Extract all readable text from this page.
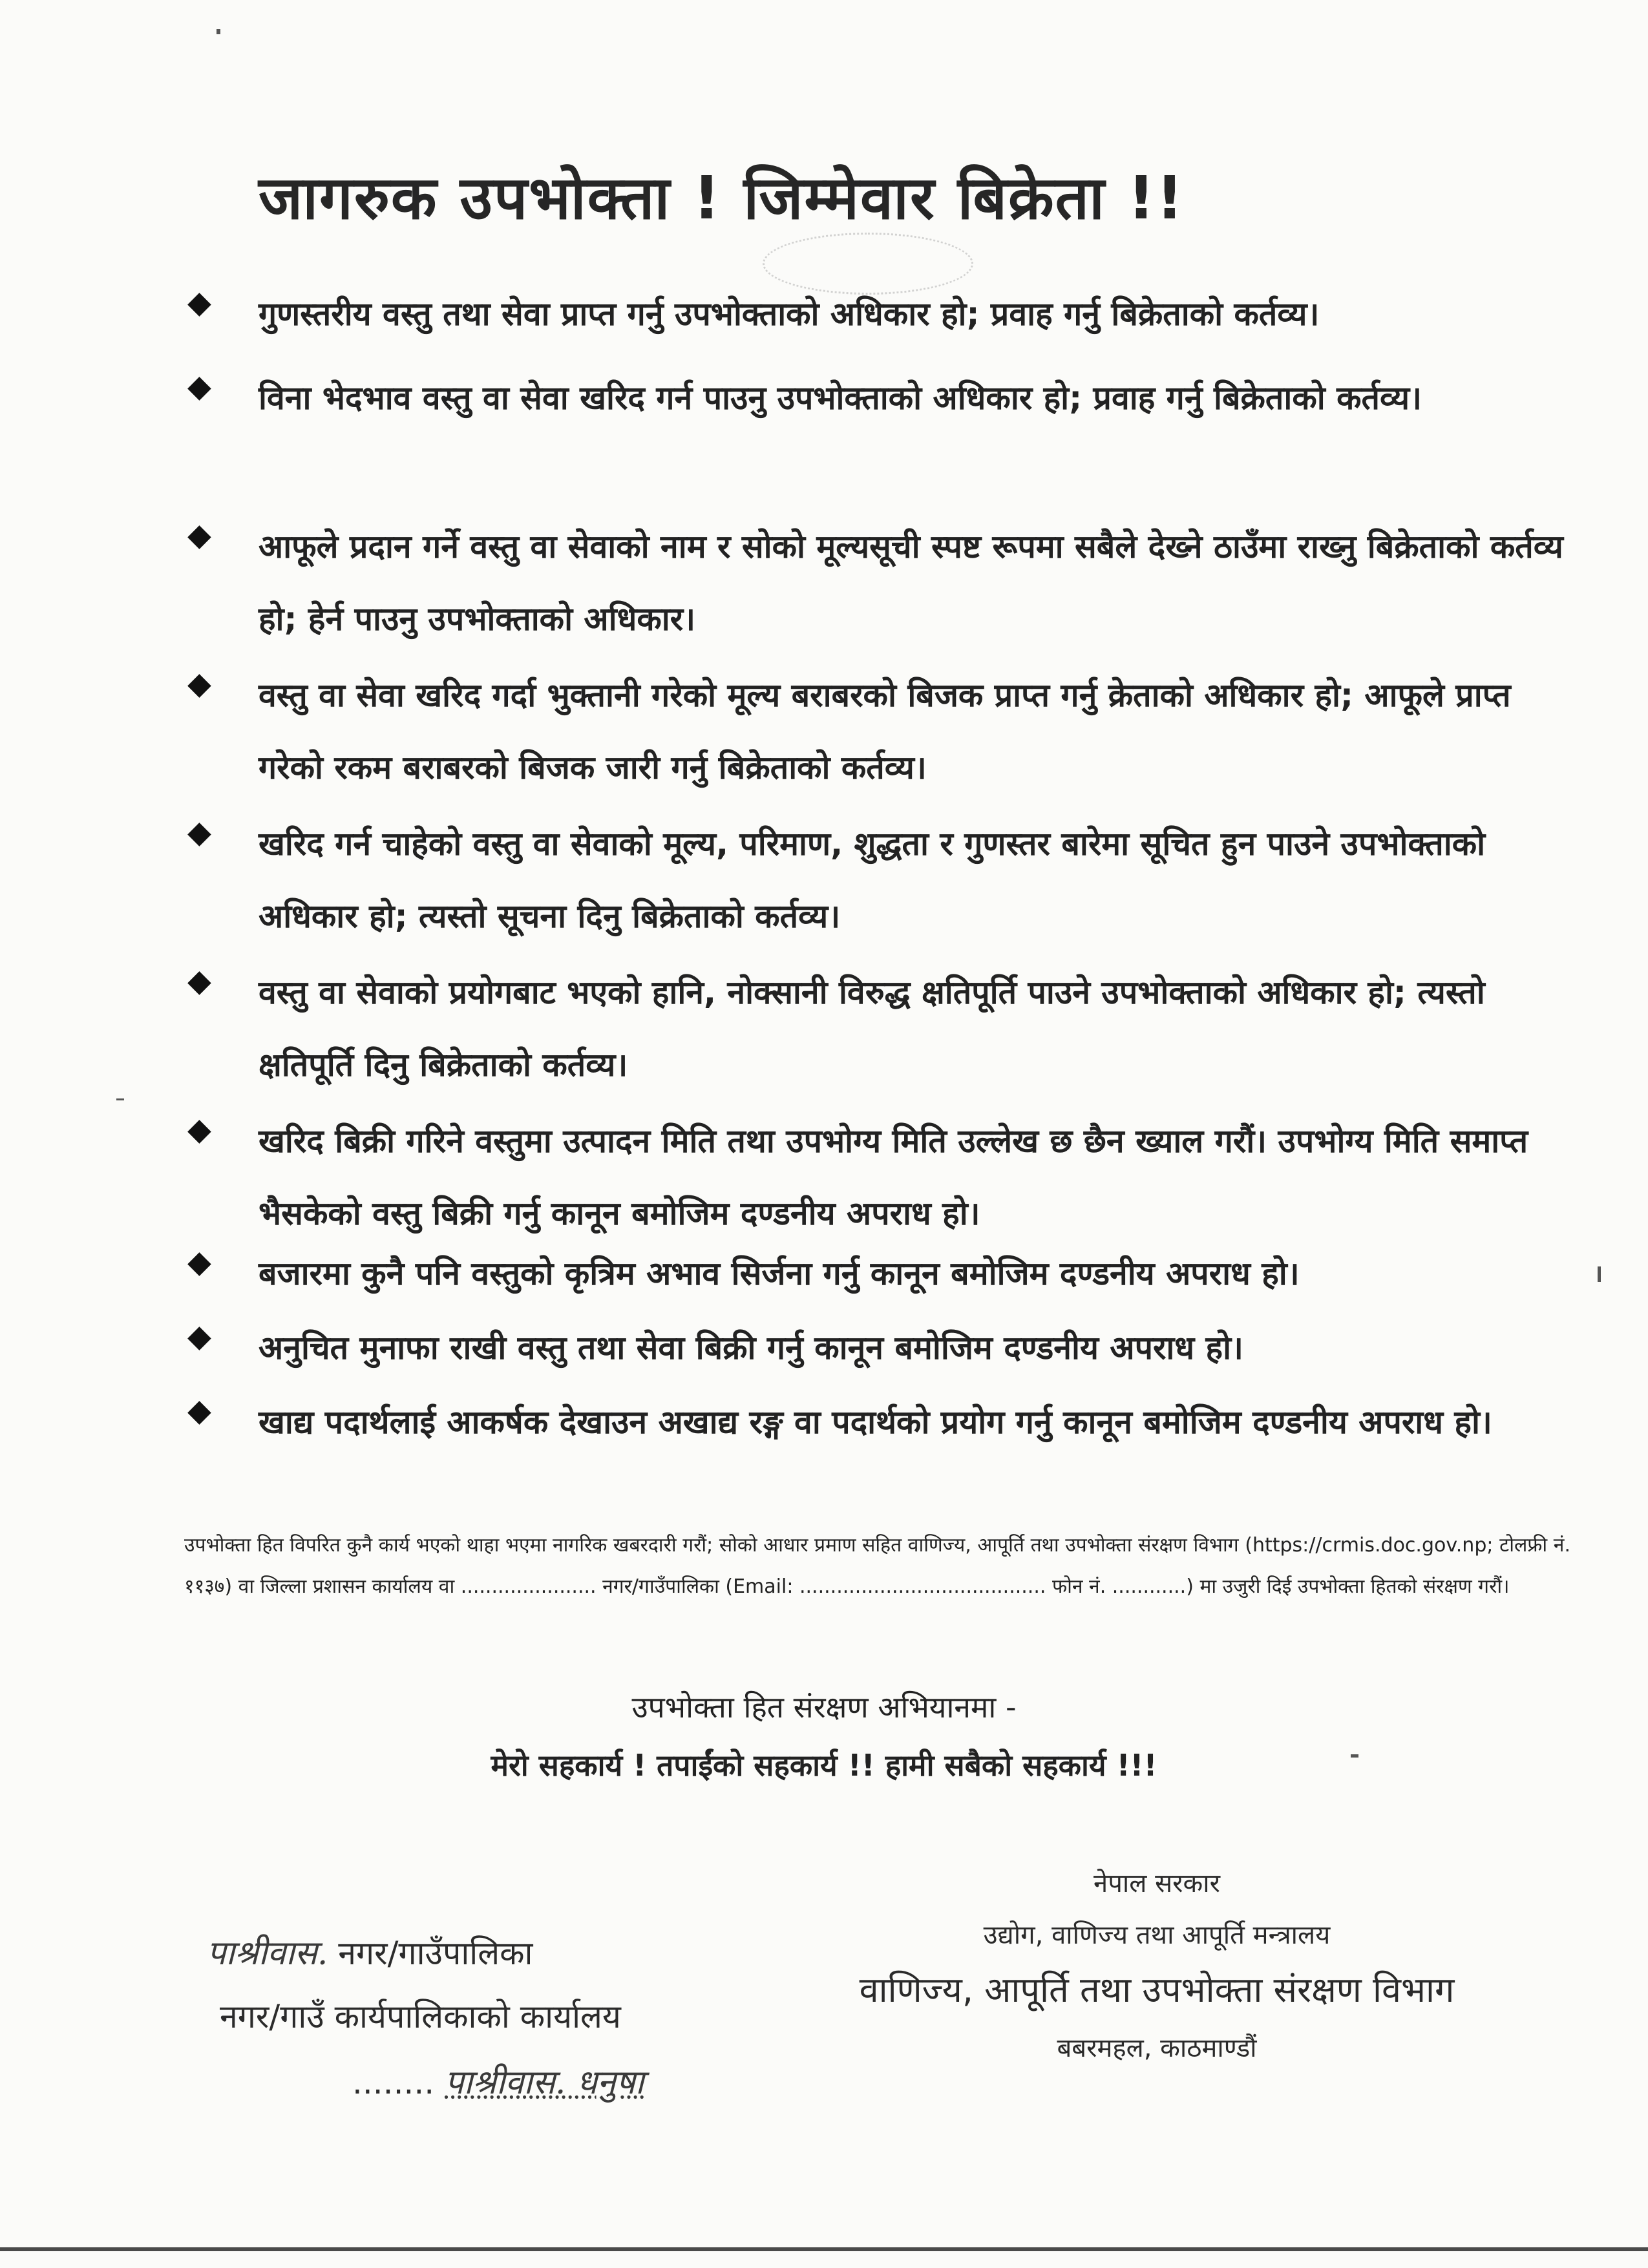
जागरुक उपभोक्ता ! जिम्मेवार बिक्रेता !!
◆ गुणस्तरीय वस्तु तथा सेवा प्राप्त गर्नु उपभोक्ताको अधिकार हो; प्रवाह गर्नु बिक्रेताको कर्तव्य।
◆ विना भेदभाव वस्तु वा सेवा खरिद गर्न पाउनु उपभोक्ताको अधिकार हो; प्रवाह गर्नु बिक्रेताको कर्तव्य।
◆ आफूले प्रदान गर्ने वस्तु वा सेवाको नाम र सोको मूल्यसूची स्पष्ट रूपमा सबैले देख्ने ठाउँमा राख्नु बिक्रेताको कर्तव्य हो; हेर्न पाउनु उपभोक्ताको अधिकार।
◆ वस्तु वा सेवा खरिद गर्दा भुक्तानी गरेको मूल्य बराबरको बिजक प्राप्त गर्नु क्रेताको अधिकार हो; आफूले प्राप्त गरेको रकम बराबरको बिजक जारी गर्नु बिक्रेताको कर्तव्य।
◆ खरिद गर्न चाहेको वस्तु वा सेवाको मूल्य, परिमाण, शुद्धता र गुणस्तर बारेमा सूचित हुन पाउने उपभोक्ताको अधिकार हो; त्यस्तो सूचना दिनु बिक्रेताको कर्तव्य।
◆ वस्तु वा सेवाको प्रयोगबाट भएको हानि, नोक्सानी विरुद्ध क्षतिपूर्ति पाउने उपभोक्ताको अधिकार हो; त्यस्तो क्षतिपूर्ति दिनु बिक्रेताको कर्तव्य।
◆ खरिद बिक्री गरिने वस्तुमा उत्पादन मिति तथा उपभोग्य मिति उल्लेख छ छैन ख्याल गरौं। उपभोग्य मिति समाप्त भैसकेको वस्तु बिक्री गर्नु कानून बमोजिम दण्डनीय अपराध हो।
◆ बजारमा कुनै पनि वस्तुको कृत्रिम अभाव सिर्जना गर्नु कानून बमोजिम दण्डनीय अपराध हो।
◆ अनुचित मुनाफा राखी वस्तु तथा सेवा बिक्री गर्नु कानून बमोजिम दण्डनीय अपराध हो।
◆ खाद्य पदार्थलाई आकर्षक देखाउन अखाद्य रङ्ग वा पदार्थको प्रयोग गर्नु कानून बमोजिम दण्डनीय अपराध हो।
उपभोक्ता हित विपरित कुनै कार्य भएको थाहा भएमा नागरिक खबरदारी गरौं; सोको आधार प्रमाण सहित वाणिज्य, आपूर्ति तथा उपभोक्ता संरक्षण विभाग (https://crmis.doc.gov.np; टोलफ्री नं. ११३७) वा जिल्ला प्रशासन कार्यालय वा ...................... नगर/गाउँपालिका (Email: ........................................ फोन नं. ............) मा उजुरी दिई उपभोक्ता हितको संरक्षण गरौं।
उपभोक्ता हित संरक्षण अभियानमा -
मेरो सहकार्य ! तपाईंको सहकार्य !! हामी सबैको सहकार्य !!!
पाश्रीवास. नगर/गाउँपालिका
नगर/गाउँ कार्यपालिकाको कार्यालय
........ पाश्रीवास. धनुषा
नेपाल सरकार
उद्योग, वाणिज्य तथा आपूर्ति मन्त्रालय
वाणिज्य, आपूर्ति तथा उपभोक्ता संरक्षण विभाग
बबरमहल, काठमाण्डौं
